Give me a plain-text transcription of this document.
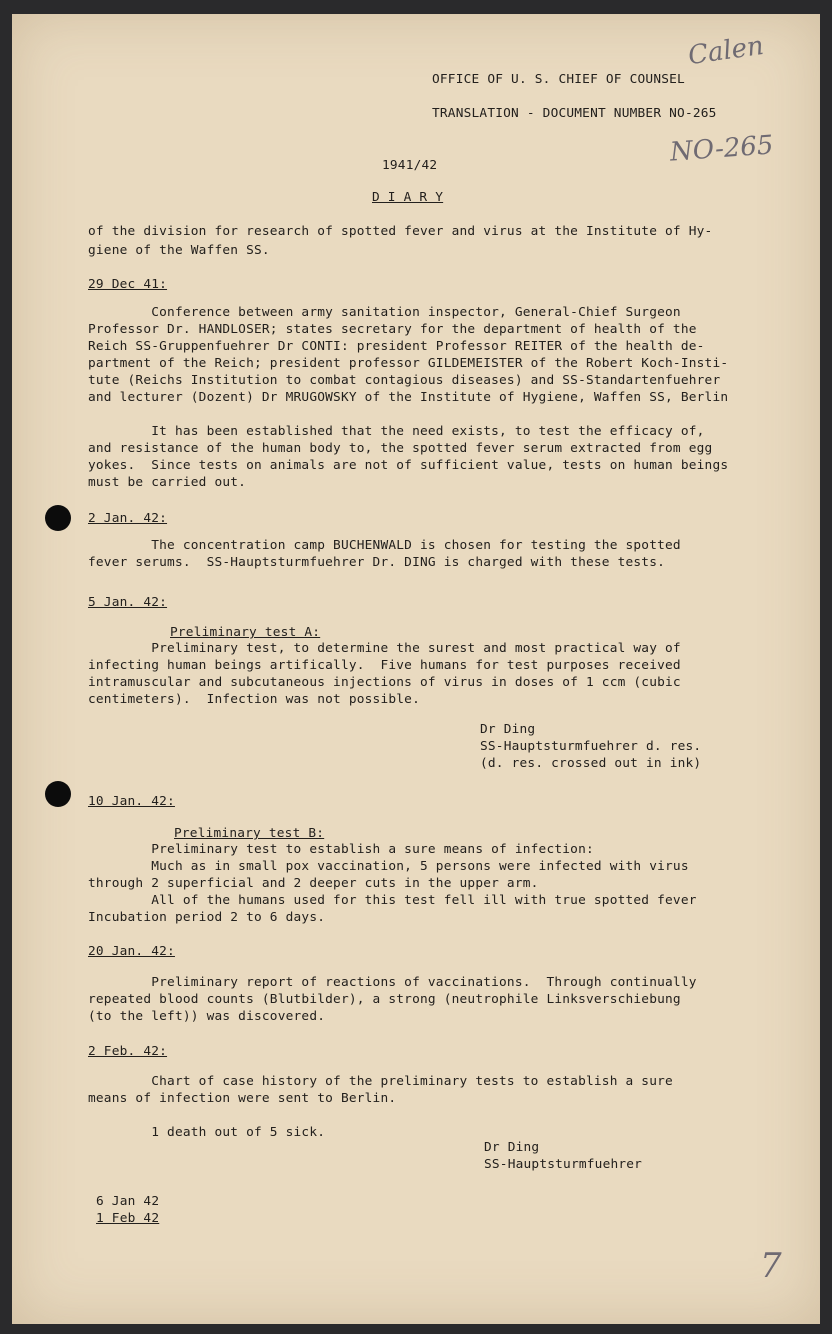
Calen
NO-265
7
OFFICE OF U. S. CHIEF OF COUNSEL
TRANSLATION - DOCUMENT NUMBER NO-265
1941/42
D I A R Y
of the division for research of spotted fever and virus at the Institute of Hy-
giene of the Waffen SS.
29 Dec 41:
Conference between army sanitation inspector, General-Chief Surgeon
Professor Dr. HANDLOSER; states secretary for the department of health of the
Reich SS-Gruppenfuehrer Dr CONTI: president Professor REITER of the health de-
partment of the Reich; president professor GILDEMEISTER of the Robert Koch-Insti-
tute (Reichs Institution to combat contagious diseases) and SS-Standartenfuehrer
and lecturer (Dozent) Dr MRUGOWSKY of the Institute of Hygiene, Waffen SS, Berlin
It has been established that the need exists, to test the efficacy of,
and resistance of the human body to, the spotted fever serum extracted from egg
yokes.  Since tests on animals are not of sufficient value, tests on human beings
must be carried out.
2 Jan. 42:
The concentration camp BUCHENWALD is chosen for testing the spotted
fever serums.  SS-Hauptsturmfuehrer Dr. DING is charged with these tests.
5 Jan. 42:
Preliminary test A:
Preliminary test, to determine the surest and most practical way of
infecting human beings artifically.  Five humans for test purposes received
intramuscular and subcutaneous injections of virus in doses of 1 ccm (cubic
centimeters).  Infection was not possible.
Dr Ding
SS-Hauptsturmfuehrer d. res.
(d. res. crossed out in ink)
10 Jan. 42:
Preliminary test B:
Preliminary test to establish a sure means of infection:
Much as in small pox vaccination, 5 persons were infected with virus
through 2 superficial and 2 deeper cuts in the upper arm.
All of the humans used for this test fell ill with true spotted fever
Incubation period 2 to 6 days.
20 Jan. 42:
Preliminary report of reactions of vaccinations.  Through continually
repeated blood counts (Blutbilder), a strong (neutrophile Linksverschiebung
(to the left)) was discovered.
2 Feb. 42:
Chart of case history of the preliminary tests to establish a sure
means of infection were sent to Berlin.
1 death out of 5 sick.
Dr Ding
SS-Hauptsturmfuehrer
6 Jan 42
1 Feb 42
